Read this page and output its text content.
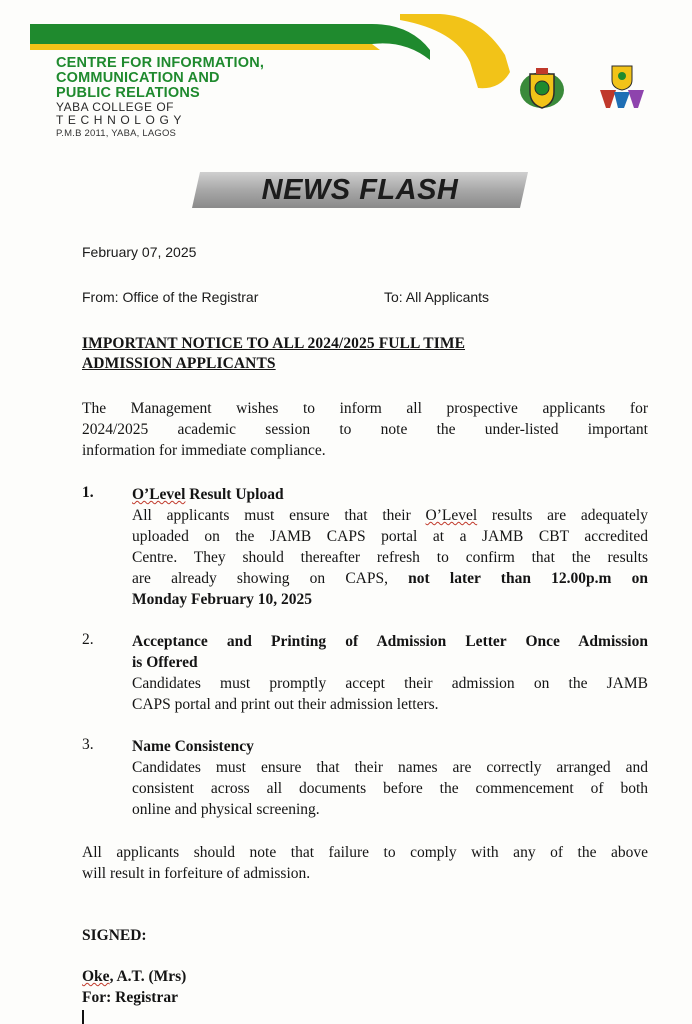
CENTRE FOR INFORMATION,
COMMUNICATION AND
PUBLIC RELATIONS
YABA COLLEGE OF
TECHNOLOGY
P.M.B 2011, YABA, LAGOS
NEWS FLASH
February 07, 2025
From: Office of the Registrar	To: All Applicants
IMPORTANT NOTICE TO ALL 2024/2025 FULL TIME
ADMISSION APPLICANTS
The Management wishes to inform all prospective applicants for
2024/2025 academic session to note the under-listed important
information for immediate compliance.
1. O’Level Result Upload
All applicants must ensure that their O’Level results are adequately
uploaded on the JAMB CAPS portal at a JAMB CBT accredited
Centre. They should thereafter refresh to confirm that the results
are already showing on CAPS, not later than 12.00p.m on
Monday February 10, 2025
2. Acceptance and Printing of Admission Letter Once Admission
is Offered
Candidates must promptly accept their admission on the JAMB
CAPS portal and print out their admission letters.
3. Name Consistency
Candidates must ensure that their names are correctly arranged and
consistent across all documents before the commencement of both
online and physical screening.
All applicants should note that failure to comply with any of the above
will result in forfeiture of admission.
SIGNED:
Oke, A.T. (Mrs)
For: Registrar
